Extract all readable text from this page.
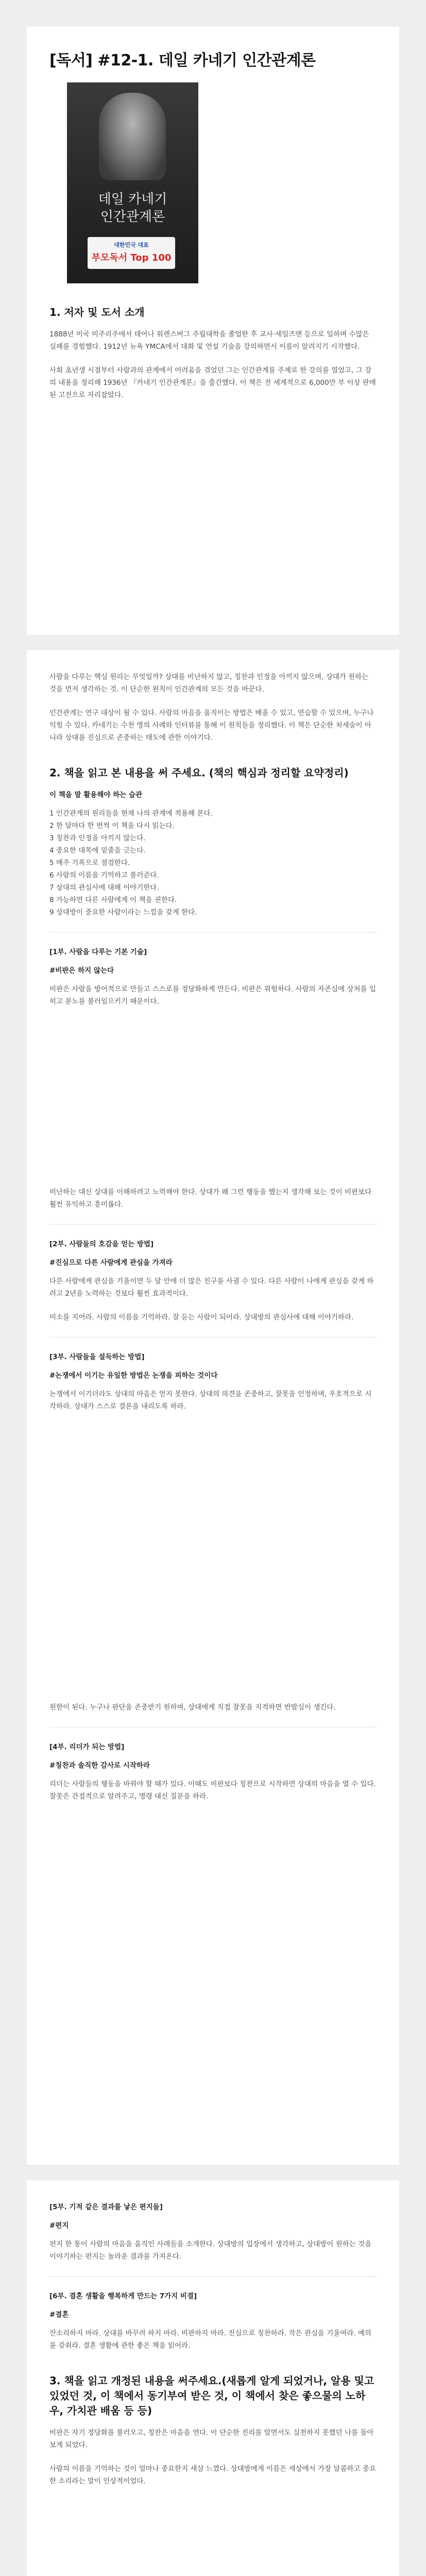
[독서] #12-1. 데일 카네기 인간관계론
데일 카네기
인간관계론
대한민국 대표
부모독서 Top 100
1. 저자 및 도서 소개

1888년 미국 미주리주에서 태어나 워렌스버그 주립대학을 졸업한 후 교사·세일즈맨 등으로 일하며 수많은 실패를 경험했다. 1912년 뉴욕 YMCA에서 대화 및 연설 기술을 강의하면서 이름이 알려지기 시작했다.

사회 초년생 시절부터 사람과의 관계에서 어려움을 겪었던 그는 인간관계를 주제로 한 강의를 열었고, 그 강의 내용을 정리해 1936년 『카네기 인간관계론』을 출간했다. 이 책은 전 세계적으로 6,000만 부 이상 판매된 고전으로 자리잡았다.

사람을 다루는 핵심 원리는 무엇일까? 상대를 비난하지 않고, 칭찬과 인정을 아끼지 않으며, 상대가 원하는 것을 먼저 생각하는 것. 이 단순한 원칙이 인간관계의 모든 것을 바꾼다.

인간관계는 연구 대상이 될 수 있다. 사람의 마음을 움직이는 방법은 배울 수 있고, 연습할 수 있으며, 누구나 익힐 수 있다. 카네기는 수천 명의 사례와 인터뷰를 통해 이 원칙들을 정리했다. 이 책은 단순한 처세술이 아니라 상대를 진심으로 존중하는 태도에 관한 이야기다.

2. 책을 읽고 본 내용을 써 주세요. (책의 핵심과 정리할 요약정리)

이 책을 말 활용해야 하는 습관

1 인간관계의 원리들을 현재 나의 관계에 적용해 본다.
2 한 달마다 한 번씩 이 책을 다시 읽는다.
3 칭찬과 인정을 아끼지 않는다.
4 중요한 대목에 밑줄을 긋는다.
5 매주 기록으로 점검한다.
6 사람의 이름을 기억하고 불러준다.
7 상대의 관심사에 대해 이야기한다.
8 가능하면 다른 사람에게 이 책을 권한다.
9 상대방이 중요한 사람이라는 느낌을 갖게 한다.

[1부. 사람을 다루는 기본 기술]

#비판은 하지 않는다

비판은 사람을 방어적으로 만들고 스스로를 정당화하게 만든다. 비판은 위험하다. 사람의 자존심에 상처를 입히고 분노를 불러일으키기 때문이다.

비난하는 대신 상대를 이해하려고 노력해야 한다. 상대가 왜 그런 행동을 했는지 생각해 보는 것이 비판보다 훨씬 유익하고 흥미롭다.

[2부. 사람들의 호감을 얻는 방법]

#진심으로 다른 사람에게 관심을 가져라

다른 사람에게 관심을 기울이면 두 달 안에 더 많은 친구를 사귈 수 있다. 다른 사람이 나에게 관심을 갖게 하려고 2년을 노력하는 것보다 훨씬 효과적이다.

미소를 지어라. 사람의 이름을 기억하라. 잘 듣는 사람이 되어라. 상대방의 관심사에 대해 이야기하라.

[3부. 사람들을 설득하는 방법]

#논쟁에서 이기는 유일한 방법은 논쟁을 피하는 것이다

논쟁에서 이기더라도 상대의 마음은 얻지 못한다. 상대의 의견을 존중하고, 잘못을 인정하며, 우호적으로 시작하라. 상대가 스스로 결론을 내리도록 하라.

원한이 된다. 누구나 판단을 존중받기 원하며, 상대에게 직접 잘못을 지적하면 반발심이 생긴다.

[4부. 리더가 되는 방법]

#칭찬과 솔직한 감사로 시작하라

리더는 사람들의 행동을 바꿔야 할 때가 있다. 이때도 비판보다 칭찬으로 시작하면 상대의 마음을 열 수 있다. 잘못은 간접적으로 알려주고, 명령 대신 질문을 하라.

[5부. 기적 같은 결과를 낳은 편지들]

#편지

편지 한 통이 사람의 마음을 움직인 사례들을 소개한다. 상대방의 입장에서 생각하고, 상대방이 원하는 것을 이야기하는 편지는 놀라운 결과를 가져온다.

[6부. 결혼 생활을 행복하게 만드는 7가지 비결]

#결혼

잔소리하지 마라. 상대를 바꾸려 하지 마라. 비판하지 마라. 진심으로 칭찬하라. 작은 관심을 기울여라. 예의를 갖춰라. 결혼 생활에 관한 좋은 책을 읽어라.

3. 책을 읽고 개정된 내용을 써주세요.(새롭게 알게 되었거나, 알용 및고 있었던 것, 이 책에서 동기부여 받은 것, 이 책에서 찾은 좋으물의 노하우, 가치관 배움 등 등)

비판은 자기 정당화를 불러오고, 칭찬은 마음을 연다. 이 단순한 진리를 알면서도 실천하지 못했던 나를 돌아보게 되었다.

사람의 이름을 기억하는 것이 얼마나 중요한지 새삼 느꼈다. 상대방에게 이름은 세상에서 가장 달콤하고 중요한 소리라는 말이 인상적이었다.
